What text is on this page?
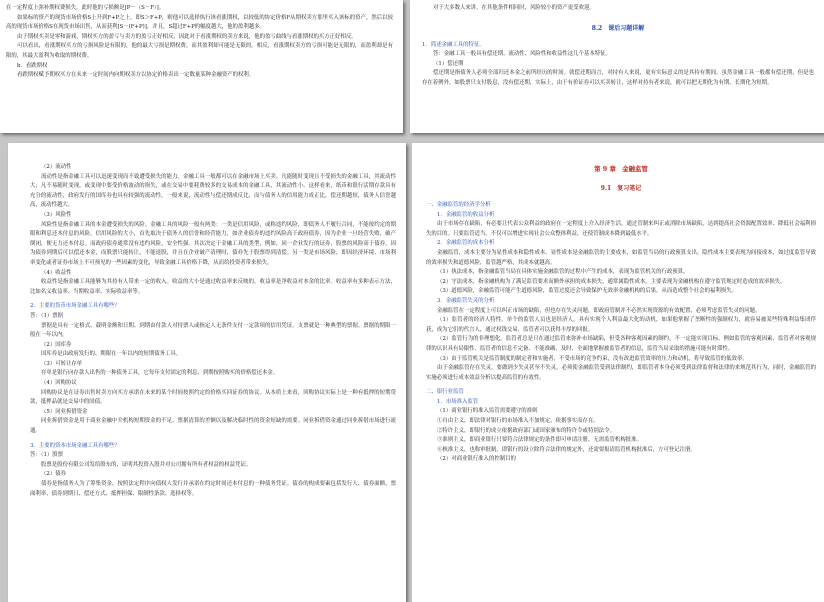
在一定程度上弥补期权费损失。此时他的亏损额是[P－（S－F）]。

如果标的资产的现货市场价格S上升到F+P之上，即S＞F+P，则他可以选择执行该看涨期权，以较低的协定价格F从期权卖方那里买入该标的资产，然后以较高的现货市场价格S在现货市场出售，从而获利[S－(F+P)]，并且，S超过F+P的幅度越大，他的盈利越多。

由于期权买卖是零和游戏，期权买方的盈亏与卖方的盈亏正好相反，因此对于看涨期权的卖方来说，他的盈亏曲线与看涨期权的买方正好相反。

可以看出，看涨期权买方的亏损风险是有限的，他的最大亏损是期权费，而其盈利却可能是无限的。相反，看涨期权卖方的亏损可能是无限的，而盈利却是有限的，其最大盈利为收取的期权费。

b．看跌期权

看跌期权赋予期权买方在未来一定时间内向期权卖方以协定价格卖出一定数量某种金融资产的权利。

对于大多数人来讲，在其他条件相同时，风险较小的资产更受欢迎。

8.2　课后习题详解

1．简述金融工具的特征。

答：金融工具一般具有偿还期、流动性、风险性和收益性这几个基本特征。

（1）偿还期

偿还期是指债务人必须全部归还本金之前所经历的时间。就偿还期而言，对持有人来说，更有实际意义的是其持有期间。虽然金融工具一般都有偿还期，但是也存在着例外，如股票只支付股息，没有偿还期，实际上，由于有价证券可以买卖转让，这样对持有者来说，就可以把无期化为有期、长期化为短期。

（2）流动性

流动性是指金融工具可以迅速变现而不致遭受损失的能力。金融工具一般都可以在金融市场上买卖。凡能随时变现且不受损失的金融工具，其流动性大；凡不易随时变现，或变现中要受价格波动的损失，或在交易中要耗费较多的交易成本的金融工具，其流动性小。这样看来，纸币和银行活期存款具有充分的流动性，政府发行的国库券也具有较强的流动性。一般来说，流动性与偿还期成反比，而与债务人的信用能力成正比。偿还期越短，债务人信誉越高，流动性越大。

（3）风险性

风险性是指金融工具的本金遭受损失的风险。金融工具的风险一般有两类：一类是信用风险，或称违约风险，即债务人不履行合同，不能按约定的期限和利息还本付息的风险。信用风险的大小，首先取决于债务人的信誉和经营能力，如企业债券的违约风险高于政府债券，因为企业一旦经营失败，破产倒闭，便无力还本付息。而政府债券通常没有违约风险，安全性强。其次决定于金融工具的类型，例如，同一企业发行的证券，股票的风险高于债券，因为债券到期后可以偿还本金，而股票只能转让，不能退股，并且在企业破产清理时，债券先于股票得到清偿。另一类是市场风险，即因经济环境、市场利率变化或者证券市场上不可预见的一些因素的变化，导致金融工具价格下降，从而给投资者带来损失。

（4）收益性

收益性是指金融工具能够为其持有人带来一定的收入。收益的大小是通过收益率来反映的。收益率是净收益对本金的比率。收益率有多种表示方法，比如名义收益率、当期收益率、实际收益率等。

2．主要的货币市场金融工具有哪些？

答：（1）票据

票据是具有一定格式、载明金额和日期、到期由付款人对持票人或指定人无条件支付一定款项的信用凭证。支票就是一种典型的票据。票据的期限一般在一年以内。

（2）国库券

国库券是由政府发行的、期限在一年以内的短期债务工具。

（3）可转让存单

存单是银行向存款人出售的一种债务工具，它每年支付固定的利息，到期按照购买的价格偿还本金。

（4）回购协议

回购协议是在证券出售时卖方向买方承诺在未来的某个时间按照约定的价格买回证券的协议。从本质上来看，回购协议实际上是一种有抵押的短期贷款，抵押品就是交易中的国债。

（5）同业拆借资金

同业拆借资金是用于商业金融中介机构短期资金的不足，票据清算的差额以及解决临时性的资金短缺的需要。同业拆借资金通过同业拆借市场进行流通。

3．主要的资本市场金融工具有哪些？

答：（1）股票

股票是股份有限公司发给股东的、证明其投资入股并对公司拥有所有者权益的权益凭证。

（2）债券

债券是指债务人为了筹集资金，按照法定程序向债权人发行并承诺在约定时间还本付息的一种债务凭证。债券的构成要素包括发行人、债券面额、票面利率、债券到期日、偿还方式、抵押担保、限制性条款、选择权等。

第 9 章　金融监管
9.1　复习笔记

一、金融监管的经济学分析

1．金融监管的收益分析

由于市场存在缺陷，有必要让代表公众利益的政府在一定程度上介入经济生活，通过管制来纠正或消除市场缺陷，达到提高社会资源配置效率、降低社会福利损失的目的。只要监管适当，不仅可以增进实现社会公众整体利益，还使管制成本降到最低水平。

2．金融监管的成本分析

金融监管，成本主要分为显性成本和隐性成本。显性成本是金融监管的主要成本，如监管当局的行政预算支出。隐性成本主要表现为间接成本，如过度监管导致的效率损失和道德风险，监管越严格，其成本就越高。

（1）执法成本，指金融监管当局在具体实施金融监管的过程中产生的成本，表现为监管机关的行政预算。

（2）守法成本，指金融机构为了满足监管要求而额外承担的成本损失，通常属隐性成本，主要表现为金融机构在遵守监管规定时造成的效率损失。

（3）道德风险，金融监管可能产生道德风险，监管过度还会导致保护无效率金融机构的后果，从而造成整个社会的福利损失。

3．金融监管失灵的分析

金融监管在一定程度上可以纠正市场的缺陷，但也存在失灵问题，即政府管制并不必然实现资源的有效配置，必须考虑监管失灵的问题。

（1）监管者的经济人特性。单个的监管人员也是经济人，具有实现个人利益最大化的动机，如果他掌握了垄断性的强制权力，就容易被某些特殊利益集团俘获，成为它们的代言人，通过权钱交易，监管者可以获得丰厚的回报。

（2）监管行为的非理想化。监管者总是只在通过监管来弥补市场缺陷，但受各种客观因素的制约，不一定能实现目标。例如监管的客观因素、监管者对客观规律的认识具有局限性、监管者的信息不完备、不能准确、及时、全面地掌握被监管者的信息，监管当局采取的措施可能有时滞性。

（3）由于监管机关是监管制度的制定者和实施者，不受市场的竞争约束，没有改进监管效率的压力和动机，将导致监管的低效率。

由于金融监管存在失灵，要做到少失灵甚至不失灵，必须使金融监管受到法律制约，即监管者本身必须受到法律监督和法律的来规范其行为，同时，金融监管的实施必须进行成本效益分析以提高监管的有效性。

二、银行业监管

1．市场准入监管

（1）商业银行的准入监管需要遵守的准则

①自由主义，即法律对银行的市场准入不加规定，依据事实而存在。

②特许主义，即银行的成立依据政府部门或国家颁布的特许令或特别法令。

③准则主义，即商业银行只要符合法律规定的条件即可申请注册，无需监管机构批准。

④核准主义，也称审批制，即银行的设立除符合法律的规定外，还需要报请监管机构批准后，方可登记注册。

（2）对商业银行准入的控制目的
